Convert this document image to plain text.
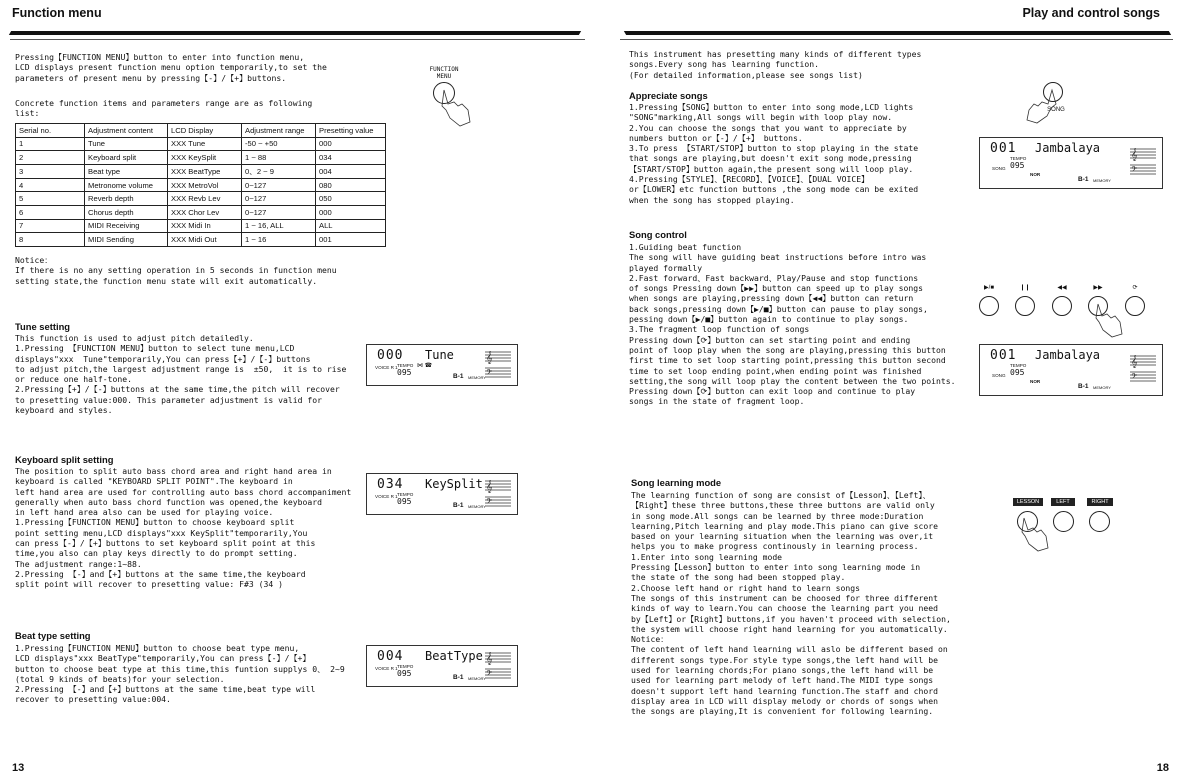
Function menu
Pressing【FUNCTION MENU】button to enter into function menu,
LCD displays present function menu option temporarily,to set the
parameters of present menu by pressing【-】/【+】buttons.
FUNCTION
MENU
Concrete function items and parameters range are as following
list:
Serial no.	Adjustment content	LCD Display	Adjustment range	Presetting value
1	Tune	XXX Tune	-50 ~ +50	000
2	Keyboard split	XXX KeySplit	1 ~ 88	034
3	Beat type	XXX BeatType	0、2 ~ 9	004
4	Metronome volume	XXX MetroVol	0~127	080
5	Reverb depth	XXX Revb Lev	0~127	050
6	Chorus depth	XXX Chor Lev	0~127	000
7	MIDI Receiving	XXX Midi In	1 ~ 16, ALL	ALL
8	MIDI Sending	XXX Midi Out	1 ~ 16	001
Notice：
If there is no any setting operation in 5 seconds in function menu
setting state,the function menu state will exit automatically.
Tune setting
This function is used to adjust pitch detailedly.
1.Pressing 【FUNCTION MENU】button to select tune menu,LCD
displays"xxx  Tune"temporarily,You can press【+】/【-】buttons
to adjust pitch,the largest adjustment range is  ±50,  it is to rise
or reduce one half-tone.
2.Pressing【+】/【-】buttons at the same time,the pitch will recover
to presetting value:000. This parameter adjustment is valid for
keyboard and styles.
000 Tune
VOICE R 1 TEMPO
095
⋈ ☎
B-1 MEMORY
𝄞
𝄢
Keyboard split setting
The position to split auto bass chord area and right hand area in
keyboard is called "KEYBOARD SPLIT POINT".The keyboard in
left hand area are used for controlling auto bass chord accompaniment
generally when auto bass chord function was opened,the keyboard
in left hand area also can be used for playing voice.
1.Pressing【FUNCTION MENU】button to choose keyboard split
point setting menu,LCD displays"xxx KeySplit"temporarily,You
can press【-】/【+】buttons to set keyboard split point at this
time,you also can play keys directly to do prompt setting.
The adjustment range:1~88.
2.Pressing 【-】and【+】buttons at the same time,the keyboard
split point will recover to presetting value: F#3 (34 )
034 KeySplit
VOICE R 1 TEMPO
095	B-1 MEMORY
𝄞
𝄢
Beat type setting
1.Pressing【FUNCTION MENU】button to choose beat type menu,
LCD displays"xxx BeatType"temporarily,You can press【-】/【+】
button to choose beat type at this time,this funtion supplys 0、 2~9
(total 9 kinds of beats)for your selection.
2.Pressing 【-】and【+】buttons at the same time,beat type will
recover to presetting value:004.
004 BeatType
VOICE R 1 TEMPO
095	B-1 MEMORY
𝄞
𝄢
13
Play and control songs
This instrument has presetting many kinds of different types
songs.Every song has learning function.
(For detailed information,please see songs list)
Appreciate songs
1.Pressing【SONG】button to enter into song mode,LCD lights
"SONG"marking,All songs will begin with loop play now.
2.You can choose the songs that you want to appreciate by
numbers button or【-】/【+】 buttons.
3.To press 【START/STOP】button to stop playing in the state
that songs are playing,but doesn't exit song mode,pressing
【START/STOP】button again,the present song will loop play.
4.Pressing【STYLE】、【RECORD】、【VOICE】、【DUAL VOICE】
or【LOWER】etc function buttons ,the song mode can be exited
when the song has stopped playing.
SONG
001 Jambalaya
SONG
TEMPO
095
NOR
B-1 MEMORY
𝄞
𝄢
Song control
1.Guiding beat function
The song will have guiding beat instructions before intro was
played formally
2.Fast forward、Fast backward、Play/Pause and stop functions
of songs Pressing down【▶▶】button can speed up to play songs
when songs are playing,pressing down【◀◀】button can return
back songs,pressing down【▶/■】button can pause to play songs,
pessing down【▶/■】button again to continue to play songs.
3.The fragment loop function of songs
Pressing down【⟳】button can set starting point and ending
point of loop play when the song are playing,pressing this button
first time to set loop starting point,pressing this button second
time to set loop ending point,when ending point was finished
setting,the song will loop play the content between the two points.
Pressing down【⟳】button can exit loop and continue to play
songs in the state of fragment loop.
▶/■	❙❙	◀◀	▶▶	⟳
001 Jambalaya
SONG
TEMPO
095
NOR
B-1 MEMORY
𝄞
𝄢
Song learning mode
The learning function of song are consist of【Lesson】、【Left】、
【Right】these three buttons,these three buttons are valid only
in song mode.All songs can be learned by three mode:Duration
learning,Pitch learning and play mode.This piano can give score
based on your learning situation when the learning was over,it
helps you to make progress continously in learning process.
1.Enter into song learning mode
Pressing【Lesson】button to enter into song learning mode in
the state of the song had been stopped play.
2.Choose left hand or right hand to learn songs
The songs of this instrument can be choosed for three different
kinds of way to learn.You can choose the learning part you need
by【Left】or【Right】buttons,if you haven't proceed with selection,
the system will choose right hand learning for you automatically.
Notice：
The content of left hand learning will aslo be different based on
different songs type.For style type songs,the left hand will be
used for learning chords;For piano songs,the left hand will be
used for learning part melody of left hand.The MIDI type songs
doesn't support left hand learning function.The staff and chord
display area in LCD will display melody or chords of songs when
the songs are playing,It is convenient for following learning.
LESSON	LEFT	RIGHT
18
